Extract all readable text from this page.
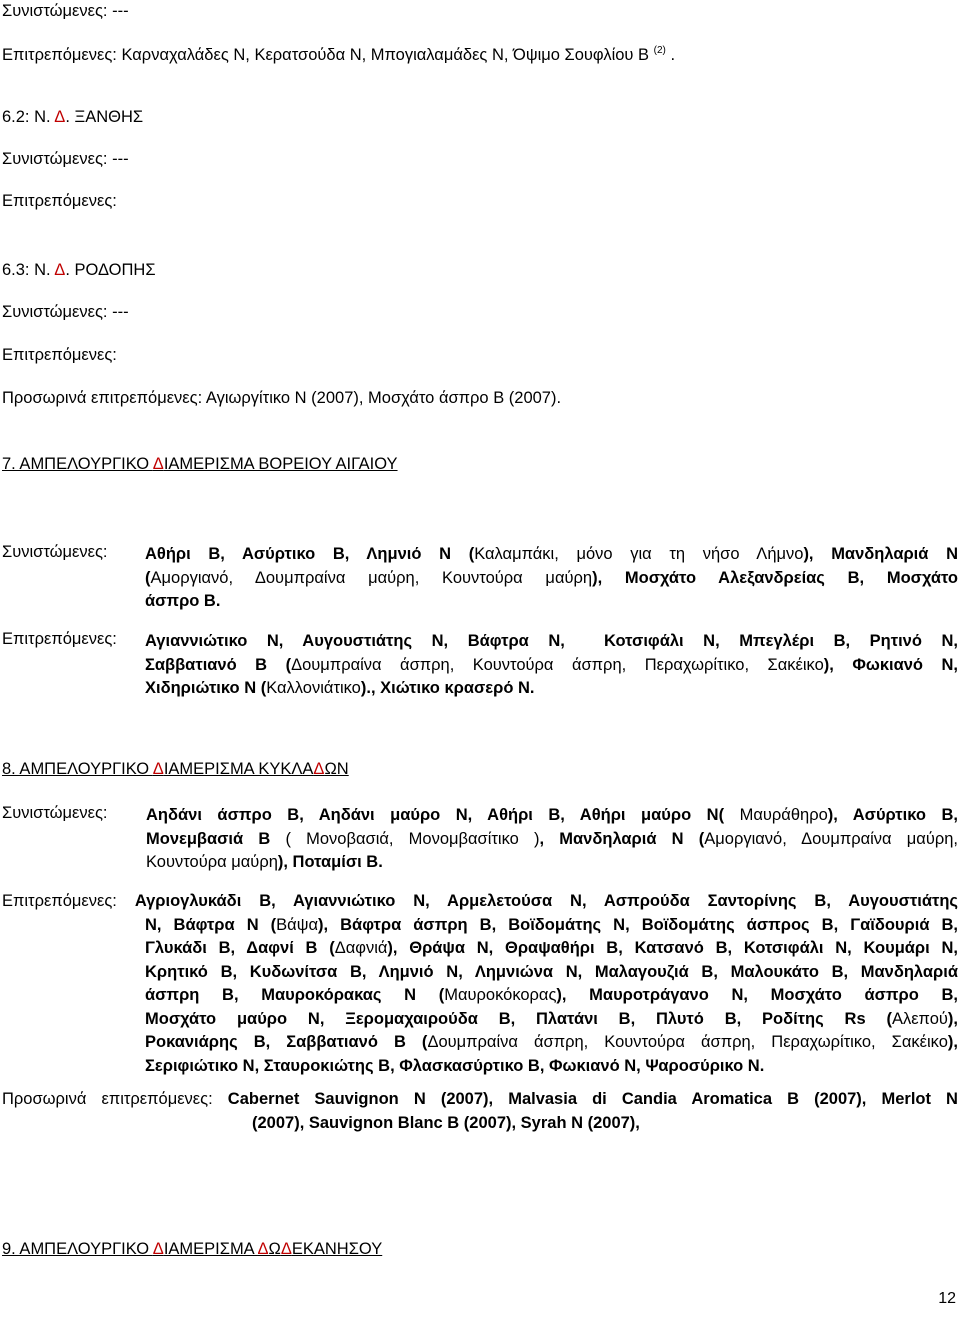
Συνιστώμενες: ---
Επιτρεπόμενες: Καρναχαλάδες Ν, Κερατσούδα Ν, Μπογιαλαμάδες Ν, Όψιμο Σουφλίου Β $^{(2)}$ .
6.2: Ν. Δ. ΞΑΝΘΗΣ
Συνιστώμενες: ---
Επιτρεπόμενες:
6.3: Ν. Δ. ΡΟΔΟΠΗΣ
Συνιστώμενες: ---
Επιτρεπόμενες:
Προσωρινά επιτρεπόμενες: Αγιωργίτικο Ν (2007), Μοσχάτο άσπρο Β (2007).
7. ΑΜΠΕΛΟΥΡΓΙΚΟ ΔΙΑΜΕΡΙΣΜΑ ΒΟΡΕΙΟΥ ΑΙΓΑΙΟΥ
Συνιστώμενες: Αθήρι Β, Ασύρτικο Β, Λημνιό Ν (Καλαμπάκι, μόνο για τη νήσο Λήμνο), Μανδηλαριά Ν
(Αμοργιανό, Δουμπραίνα μαύρη, Κουντούρα μαύρη), Μοσχάτο Αλεξανδρείας Β, Μοσχάτο
άσπρο Β.
Επιτρεπόμενες: Αγιαννιώτικο Ν, Αυγουστιάτης Ν, Βάφτρα Ν,  Κοτσιφάλι Ν, Μπεγλέρι Β, Ρητινό Ν,
Σαββατιανό Β (Δουμπραίνα άσπρη, Κουντούρα άσπρη, Περαχωρίτικο, Σακέικο), Φωκιανό Ν,
Χιδηριώτικο Ν (Καλλονιάτικο)., Χιώτικο κρασερό Ν.
8. ΑΜΠΕΛΟΥΡΓΙΚΟ ΔΙΑΜΕΡΙΣΜΑ ΚΥΚΛΑΔΩΝ
Συνιστώμενες: Αηδάνι άσπρο Β, Αηδάνι μαύρο Ν, Αθήρι Β, Αθήρι μαύρο Ν( Μαυράθηρο), Ασύρτικο Β,
Μονεμβασιά Β ( Μονοβασιά, Μονομβασίτικο ), Μανδηλαριά Ν (Αμοργιανό, Δουμπραίνα μαύρη,
Κουντούρα μαύρη), Ποταμίσι Β.
Επιτρεπόμενες: Αγριογλυκάδι Β, Αγιαννιώτικο Ν, Αρμελετούσα Ν, Ασπρούδα Σαντορίνης Β, Αυγουστιάτης
Ν, Βάφτρα Ν (Βάψα), Βάφτρα άσπρη Β, Βοϊδομάτης Ν, Βοϊδομάτης άσπρος Β, Γαϊδουριά Β,
Γλυκάδι Β, Δαφνί Β (Δαφνιά), Θράψα Ν, Θραψαθήρι Β, Κατσανό Β, Κοτσιφάλι Ν, Κουμάρι Ν,
Κρητικό Β, Κυδωνίτσα Β, Λημνιό Ν, Λημνιώνα Ν, Μαλαγουζιά Β, Μαλουκάτο Β, Μανδηλαριά
άσπρη Β, Μαυροκόρακας Ν (Μαυροκόκορας), Μαυροτράγανο Ν, Μοσχάτο άσπρο Β,
Μοσχάτο μαύρο Ν, Ξερομαχαιρούδα Β, Πλατάνι Β, Πλυτό Β, Ροδίτης Rs (Αλεπού),
Ροκανιάρης Β, Σαββατιανό Β (Δουμπραίνα άσπρη, Κουντούρα άσπρη, Περαχωρίτικο, Σακέικο),
Σεριφιώτικο Ν, Σταυροκιώτης Β, Φλασκασύρτικο Β, Φωκιανό Ν, Ψαροσύρικο Ν.
Προσωρινά επιτρεπόμενες: Cabernet Sauvignon N (2007), Malvasia di Candia Aromatica B (2007), Merlot N
(2007), Sauvignon Blanc B (2007), Syrah N (2007),
9. ΑΜΠΕΛΟΥΡΓΙΚΟ ΔΙΑΜΕΡΙΣΜΑ ΔΩΔΕΚΑΝΗΣΟΥ
12
